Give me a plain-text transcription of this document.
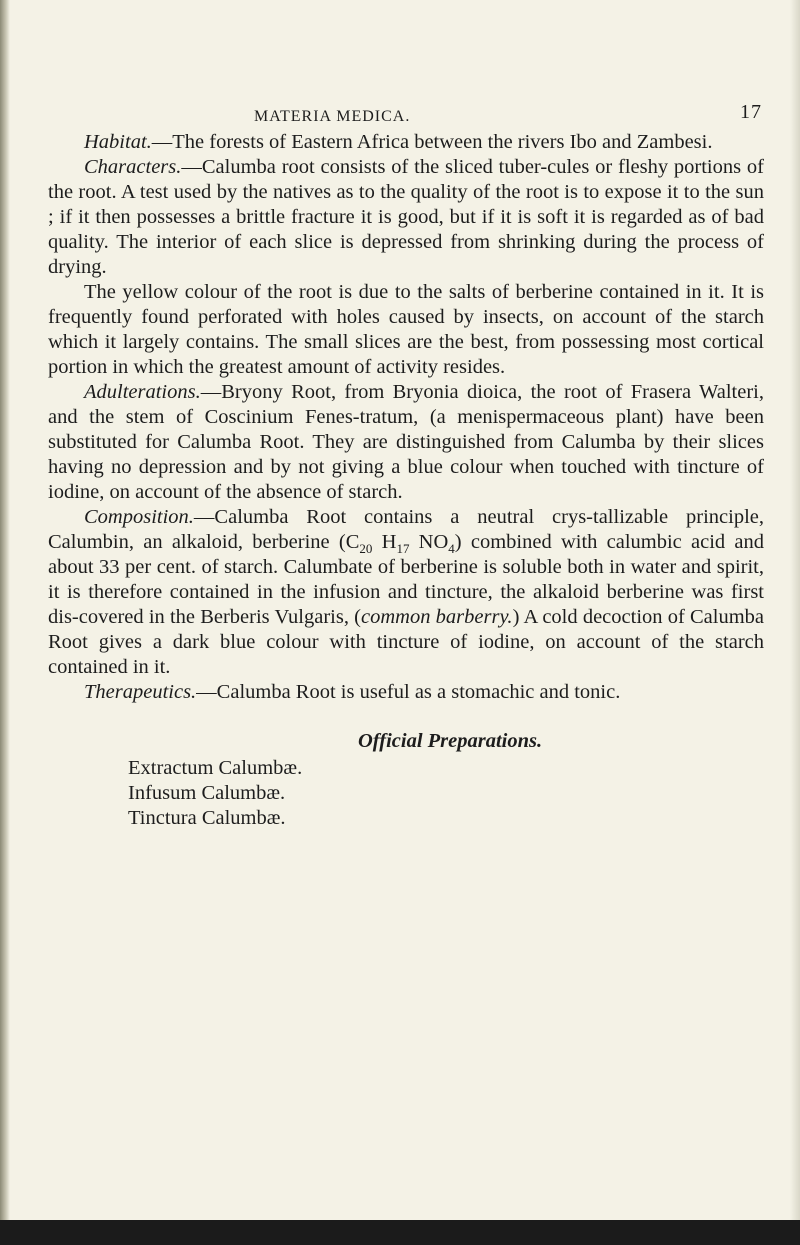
MATERIA MEDICA.	17

Habitat.—The forests of Eastern Africa between the rivers Ibo and Zambesi.

Characters.—Calumba root consists of the sliced tuber-cules or fleshy portions of the root. A test used by the natives as to the quality of the root is to expose it to the sun ; if it then possesses a brittle fracture it is good, but if it is soft it is regarded as of bad quality. The interior of each slice is depressed from shrinking during the process of drying.

The yellow colour of the root is due to the salts of berberine contained in it. It is frequently found perforated with holes caused by insects, on account of the starch which it largely contains. The small slices are the best, from possessing most cortical portion in which the greatest amount of activity resides.

Adulterations.—Bryony Root, from Bryonia dioica, the root of Frasera Walteri, and the stem of Coscinium Fenes-tratum, (a menispermaceous plant) have been substituted for Calumba Root. They are distinguished from Calumba by their slices having no depression and by not giving a blue colour when touched with tincture of iodine, on account of the absence of starch.

Composition.—Calumba Root contains a neutral crys-tallizable principle, Calumbin, an alkaloid, berberine ($C_{20}$ $H_{17}$ $NO_4$) combined with calumbic acid and about 33 per cent. of starch. Calumbate of berberine is soluble both in water and spirit, it is therefore contained in the infusion and tincture, the alkaloid berberine was first dis-covered in the Berberis Vulgaris, (common barberry.) A cold decoction of Calumba Root gives a dark blue colour with tincture of iodine, on account of the starch contained in it.

Therapeutics.—Calumba Root is useful as a stomachic and tonic.

Official Preparations.
Extractum Calumbæ.
Infusum Calumbæ.
Tinctura Calumbæ.
